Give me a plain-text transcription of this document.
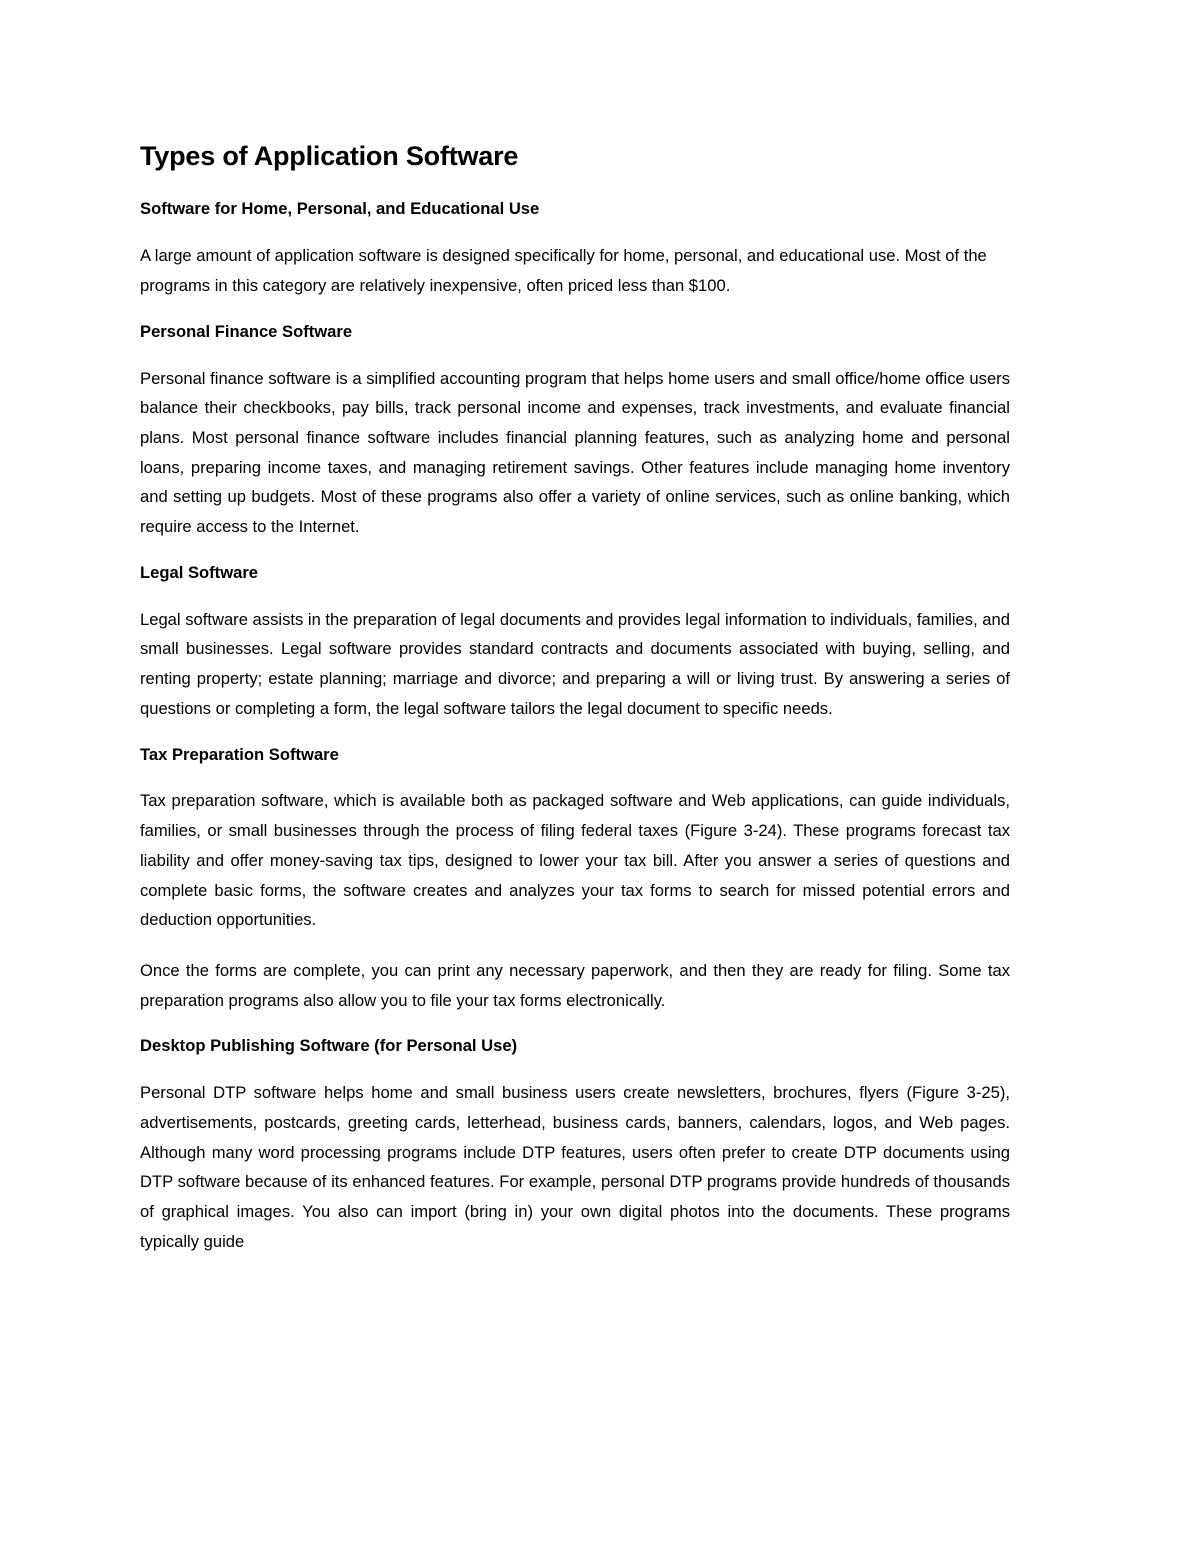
Types of Application Software
Software for Home, Personal, and Educational Use

A large amount of application software is designed specifically for home, personal, and educational use. Most of the programs in this category are relatively inexpensive, often priced less than $100.

Personal Finance Software

Personal finance software is a simplified accounting program that helps home users and small office/home office users balance their checkbooks, pay bills, track personal income and expenses, track investments, and evaluate financial plans. Most personal finance software includes financial planning features, such as analyzing home and personal loans, preparing income taxes, and managing retirement savings. Other features include managing home inventory and setting up budgets. Most of these programs also offer a variety of online services, such as online banking, which require access to the Internet.

Legal Software

Legal software assists in the preparation of legal documents and provides legal information to individuals, families, and small businesses. Legal software provides standard contracts and documents associated with buying, selling, and renting property; estate planning; marriage and divorce; and preparing a will or living trust. By answering a series of questions or completing a form, the legal software tailors the legal document to specific needs.

Tax Preparation Software

Tax preparation software, which is available both as packaged software and Web applications, can guide individuals, families, or small businesses through the process of filing federal taxes (Figure 3-24). These programs forecast tax liability and offer money-saving tax tips, designed to lower your tax bill. After you answer a series of questions and complete basic forms, the software creates and analyzes your tax forms to search for missed potential errors and deduction opportunities.

Once the forms are complete, you can print any necessary paperwork, and then they are ready for filing. Some tax preparation programs also allow you to file your tax forms electronically.

Desktop Publishing Software (for Personal Use)

Personal DTP software helps home and small business users create newsletters, brochures, flyers (Figure 3-25), advertisements, postcards, greeting cards, letterhead, business cards, banners, calendars, logos, and Web pages. Although many word processing programs include DTP features, users often prefer to create DTP documents using DTP software because of its enhanced features. For example, personal DTP programs provide hundreds of thousands of graphical images. You also can import (bring in) your own digital photos into the documents. These programs typically guide
